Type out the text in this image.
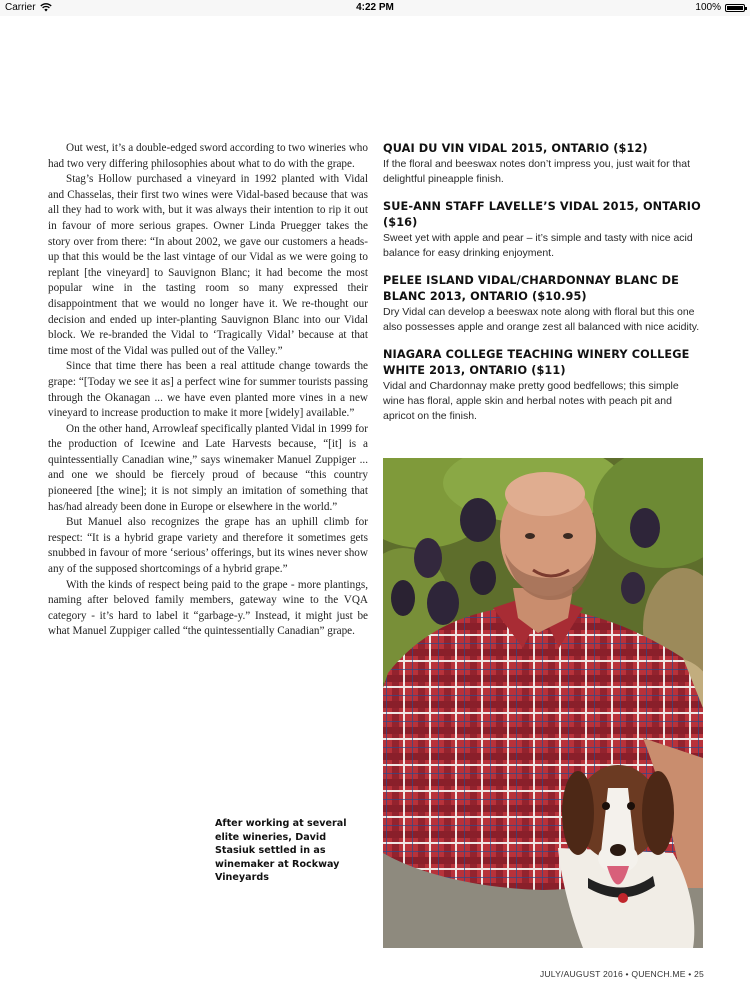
Carrier	4:22 PM	100%

Out west, it’s a double-edged sword according to two wineries who had two very differing philosophies about what to do with the grape.

Stag’s Hollow purchased a vineyard in 1992 planted with Vidal and Chasselas, their first two wines were Vidal-based because that was all they had to work with, but it was always their intention to rip it out in favour of more serious grapes. Owner Linda Pruegger takes the story over from there: “In about 2002, we gave our customers a heads-up that this would be the last vintage of our Vidal as we were going to replant [the vineyard] to Sauvignon Blanc; it had become the most popular wine in the tasting room so many expressed their disappointment that we would no longer have it. We re-thought our decision and ended up inter-planting Sauvignon Blanc into our Vidal block. We re-branded the Vidal to ‘Tragically Vidal’ because at that time most of the Vidal was pulled out of the Valley.”

Since that time there has been a real attitude change towards the grape: “[Today we see it as] a perfect wine for summer tourists passing through the Okanagan ... we have even planted more vines in a new vineyard to increase production to make it more [widely] available.”

On the other hand, Arrowleaf specifically planted Vidal in 1999 for the production of Icewine and Late Harvests because, “[it] is a quintessentially Canadian wine,” says winemaker Manuel Zuppiger ... and one we should be fiercely proud of because “this country pioneered [the wine]; it is not simply an imitation of something that has/had already been done in Europe or elsewhere in the world.”

But Manuel also recognizes the grape has an uphill climb for respect: “It is a hybrid grape variety and therefore it sometimes gets snubbed in favour of more ‘serious’ offerings, but its wines never show any of the supposed shortcomings of a hybrid grape.”

With the kinds of respect being paid to the grape - more plantings, naming after beloved family members, gateway wine to the VQA category - it’s hard to label it “garbage-y.” Instead, it might just be what Manuel Zuppiger called “the quintessentially Canadian” grape.

QUAI DU VIN VIDAL 2015, ONTARIO ($12)

If the floral and beeswax notes don’t impress you, just wait for that delightful pineapple finish.

SUE-ANN STAFF LAVELLE’S VIDAL 2015, ONTARIO ($16)

Sweet yet with apple and pear – it’s simple and tasty with nice acid balance for easy drinking enjoyment.

PELEE ISLAND VIDAL/CHARDONNAY BLANC DE BLANC 2013, ONTARIO ($10.95)

Dry Vidal can develop a beeswax note along with floral but this one also possesses apple and orange zest all balanced with nice acidity.

NIAGARA COLLEGE TEACHING WINERY COLLEGE WHITE 2013, ONTARIO ($11)

Vidal and Chardonnay make pretty good bedfellows; this simple wine has floral, apple skin and herbal notes with peach pit and apricot on the finish.

After working at several elite wineries, David Stasiuk settled in as winemaker at Rockway Vineyards
JULY/AUGUST 2016 • QUENCH.ME • 25
